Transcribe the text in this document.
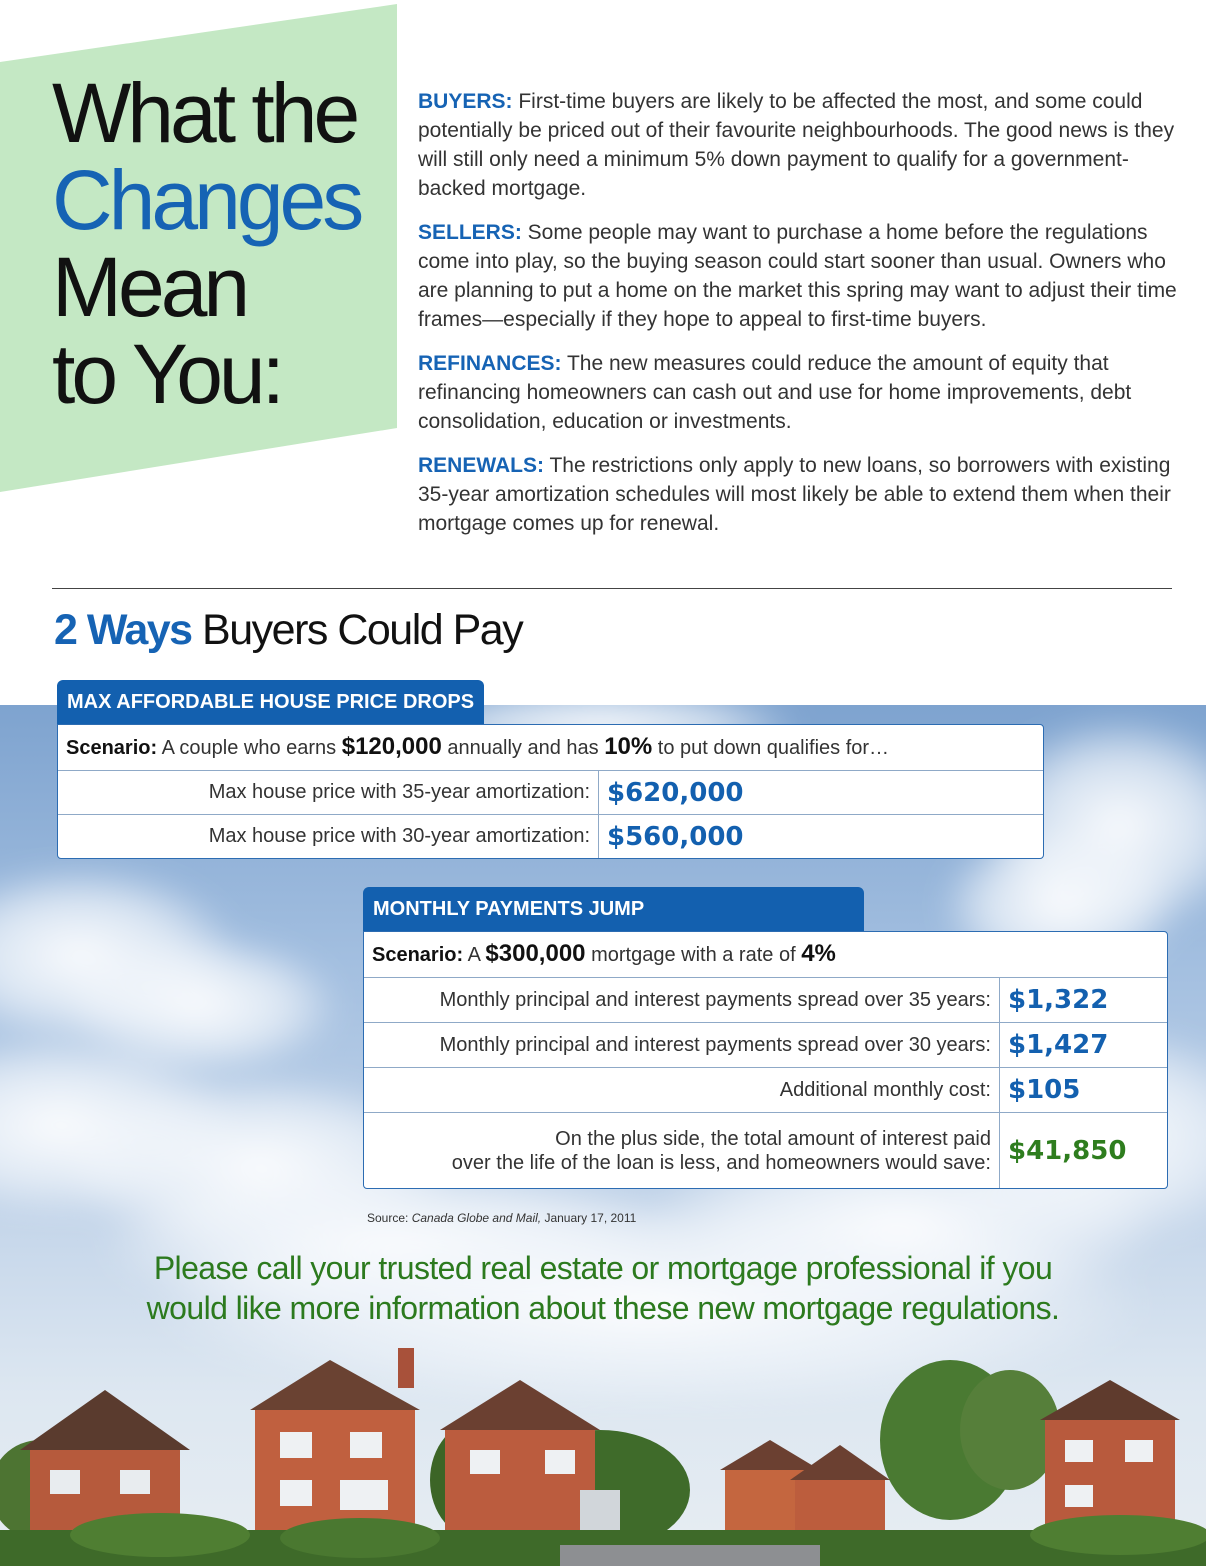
What the
Changes
Mean
to You:

BUYERS: First-time buyers are likely to be affected the most, and some could potentially be priced out of their favourite neighbourhoods. The good news is they will still only need a minimum 5% down payment to qualify for a government-backed mortgage.

SELLERS: Some people may want to purchase a home before the regulations come into play, so the buying season could start sooner than usual. Owners who are planning to put a home on the market this spring may want to adjust their time frames—especially if they hope to appeal to first-time buyers.

REFINANCES: The new measures could reduce the amount of equity that refinancing homeowners can cash out and use for home improvements, debt consolidation, education or investments.

RENEWALS: The restrictions only apply to new loans, so borrowers with existing 35-year amortization schedules will most likely be able to extend them when their mortgage comes up for renewal.

2 Ways Buyers Could Pay
MAX AFFORDABLE HOUSE PRICE DROPS
Scenario: A couple who earns $120,000 annually and has 10% to put down qualifies for…
Max house price with 35-year amortization: $620,000
Max house price with 30-year amortization: $560,000
MONTHLY PAYMENTS JUMP
Scenario: A $300,000 mortgage with a rate of 4%
Monthly principal and interest payments spread over 35 years: $1,322
Monthly principal and interest payments spread over 30 years: $1,427
Additional monthly cost: $105
On the plus side, the total amount of interest paid
over the life of the loan is less, and homeowners would save: $41,850
Source: Canada Globe and Mail, January 17, 2011
Please call your trusted real estate or mortgage professional if you
would like more information about these new mortgage regulations.
